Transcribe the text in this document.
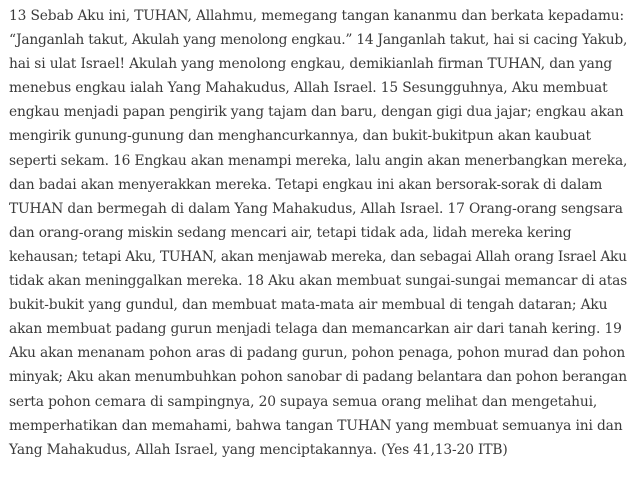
13 Sebab Aku ini, TUHAN, Allahmu, memegang tangan kananmu dan berkata kepadamu:
“Janganlah takut, Akulah yang menolong engkau.” 14 Janganlah takut, hai si cacing Yakub,
hai si ulat Israel! Akulah yang menolong engkau, demikianlah firman TUHAN, dan yang
menebus engkau ialah Yang Mahakudus, Allah Israel. 15 Sesungguhnya, Aku membuat
engkau menjadi papan pengirik yang tajam dan baru, dengan gigi dua jajar; engkau akan
mengirik gunung-gunung dan menghancurkannya, dan bukit-bukitpun akan kaubuat
seperti sekam. 16 Engkau akan menampi mereka, lalu angin akan menerbangkan mereka,
dan badai akan menyerakkan mereka. Tetapi engkau ini akan bersorak-sorak di dalam
TUHAN dan bermegah di dalam Yang Mahakudus, Allah Israel. 17 Orang-orang sengsara
dan orang-orang miskin sedang mencari air, tetapi tidak ada, lidah mereka kering
kehausan; tetapi Aku, TUHAN, akan menjawab mereka, dan sebagai Allah orang Israel Aku
tidak akan meninggalkan mereka. 18 Aku akan membuat sungai-sungai memancar di atas
bukit-bukit yang gundul, dan membuat mata-mata air membual di tengah dataran; Aku
akan membuat padang gurun menjadi telaga dan memancarkan air dari tanah kering. 19
Aku akan menanam pohon aras di padang gurun, pohon penaga, pohon murad dan pohon
minyak; Aku akan menumbuhkan pohon sanobar di padang belantara dan pohon berangan
serta pohon cemara di sampingnya, 20 supaya semua orang melihat dan mengetahui,
memperhatikan dan memahami, bahwa tangan TUHAN yang membuat semuanya ini dan
Yang Mahakudus, Allah Israel, yang menciptakannya. (Yes 41,13-20 ITB)
